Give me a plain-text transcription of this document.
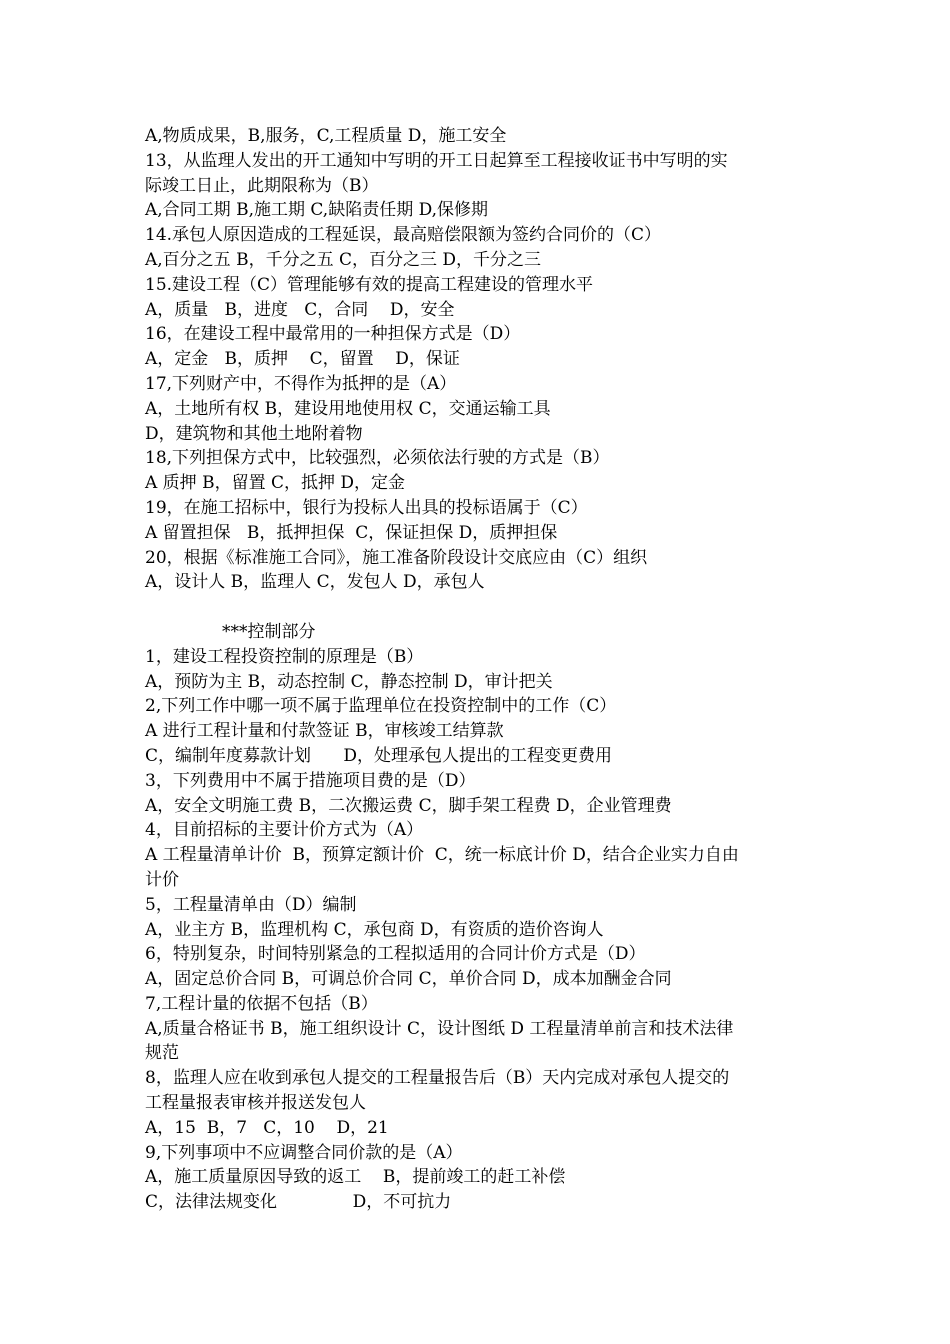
A,物质成果，B,服务，C,工程质量 D，施工安全
13，从监理人发出的开工通知中写明的开工日起算至工程接收证书中写明的实
际竣工日止，此期限称为（B）
A,合同工期 B,施工期 C,缺陷责任期 D,保修期
14.承包人原因造成的工程延误，最高赔偿限额为签约合同价的（C）
A,百分之五 B，千分之五 C，百分之三 D，千分之三
15.建设工程（C）管理能够有效的提高工程建设的管理水平
A，质量   B，进度   C，合同    D，安全
16，在建设工程中最常用的一种担保方式是（D）
A，定金   B，质押    C，留置    D，保证
17,下列财产中，不得作为抵押的是（A）
A，土地所有权 B，建设用地使用权 C，交通运输工具
D，建筑物和其他土地附着物
18,下列担保方式中，比较强烈，必须依法行驶的方式是（B）
A 质押 B，留置 C，抵押 D，定金
19，在施工招标中，银行为投标人出具的投标语属于（C）
A 留置担保   B，抵押担保  C，保证担保 D，质押担保
20，根据《标准施工合同》，施工准备阶段设计交底应由（C）组织
A，设计人 B，监理人 C，发包人 D，承包人
***控制部分
1，建设工程投资控制的原理是（B）
A，预防为主 B，动态控制 C，静态控制 D，审计把关
2,下列工作中哪一项不属于监理单位在投资控制中的工作（C）
A 进行工程计量和付款签证 B，审核竣工结算款
C，编制年度募款计划      D，处理承包人提出的工程变更费用
3，下列费用中不属于措施项目费的是（D）
A，安全文明施工费 B，二次搬运费 C，脚手架工程费 D，企业管理费
4，目前招标的主要计价方式为（A）
A 工程量清单计价  B，预算定额计价  C，统一标底计价 D，结合企业实力自由
计价
5，工程量清单由（D）编制
A，业主方 B，监理机构 C，承包商 D，有资质的造价咨询人
6，特别复杂，时间特别紧急的工程拟适用的合同计价方式是（D）
A，固定总价合同 B，可调总价合同 C，单价合同 D，成本加酬金合同
7,工程计量的依据不包括（B）
A,质量合格证书 B，施工组织设计 C，设计图纸 D 工程量清单前言和技术法律
规范
8，监理人应在收到承包人提交的工程量报告后（B）天内完成对承包人提交的
工程量报表审核并报送发包人
A，15  B，7   C，10    D，21
9,下列事项中不应调整合同价款的是（A）
A，施工质量原因导致的返工    B，提前竣工的赶工补偿
C，法律法规变化              D，不可抗力
